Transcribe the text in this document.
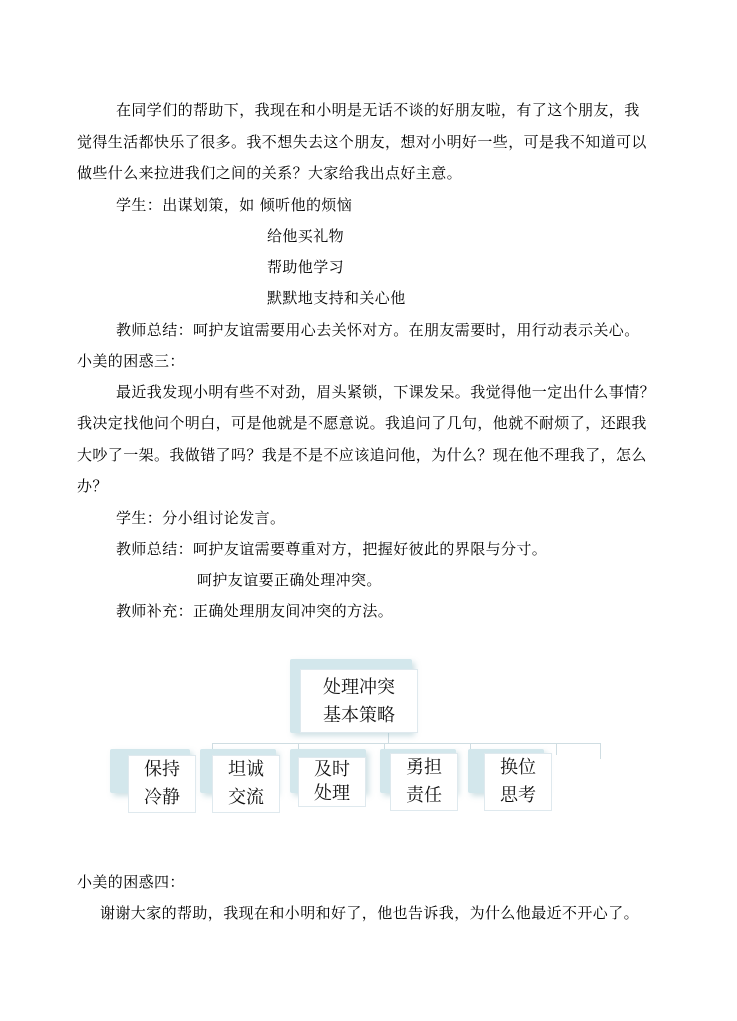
在同学们的帮助下，我现在和小明是无话不谈的好朋友啦，有了这个朋友，我
觉得生活都快乐了很多。我不想失去这个朋友，想对小明好一些，可是我不知道可以
做些什么来拉进我们之间的关系？大家给我出点好主意。
学生：出谋划策，如 倾听他的烦恼
给他买礼物
帮助他学习
默默地支持和关心他
教师总结：呵护友谊需要用心去关怀对方。在朋友需要时，用行动表示关心。
小美的困惑三：
最近我发现小明有些不对劲，眉头紧锁，下课发呆。我觉得他一定出什么事情？
我决定找他问个明白，可是他就是不愿意说。我追问了几句，他就不耐烦了，还跟我
大吵了一架。我做错了吗？我是不是不应该追问他，为什么？现在他不理我了，怎么
办？
学生：分小组讨论发言。
教师总结：呵护友谊需要尊重对方，把握好彼此的界限与分寸。
呵护友谊要正确处理冲突。
教师补充：正确处理朋友间冲突的方法。
处理冲突
基本策略
保持
冷静
坦诚
交流
及时
处理
勇担
责任
换位
思考
小美的困惑四：
谢谢大家的帮助，我现在和小明和好了，他也告诉我，为什么他最近不开心了。
